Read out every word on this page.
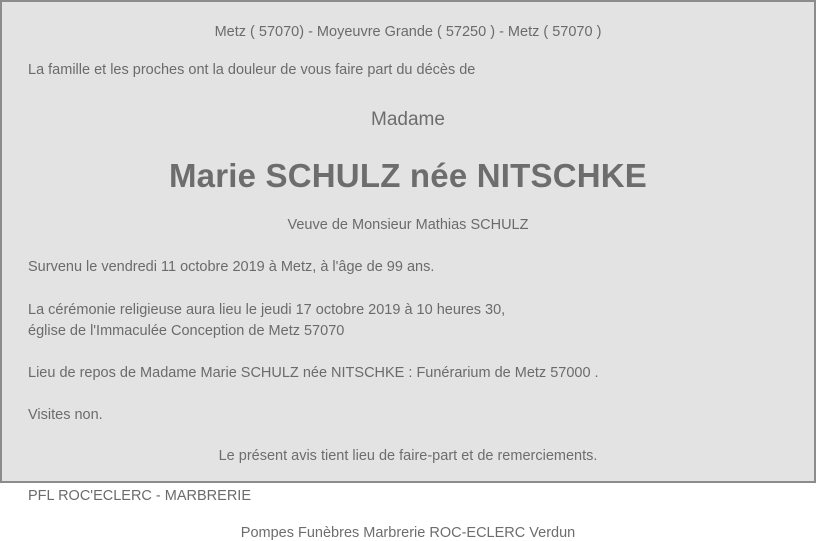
Metz ( 57070) - Moyeuvre Grande ( 57250 ) - Metz ( 57070 )
La famille et les proches ont la douleur de vous faire part du décès de
Madame
Marie SCHULZ née NITSCHKE
Veuve de Monsieur Mathias SCHULZ
Survenu le vendredi 11 octobre 2019 à Metz, à l'âge de 99 ans.
La cérémonie religieuse aura lieu le jeudi 17 octobre 2019 à 10 heures 30,
église de l'Immaculée Conception de Metz 57070
Lieu de repos de Madame Marie SCHULZ née NITSCHKE : Funérarium de Metz 57000 .
Visites non.
Le présent avis tient lieu de faire-part et de remerciements.
PFL ROC'ECLERC - MARBRERIE
Pompes Funèbres Marbrerie ROC-ECLERC Verdun
